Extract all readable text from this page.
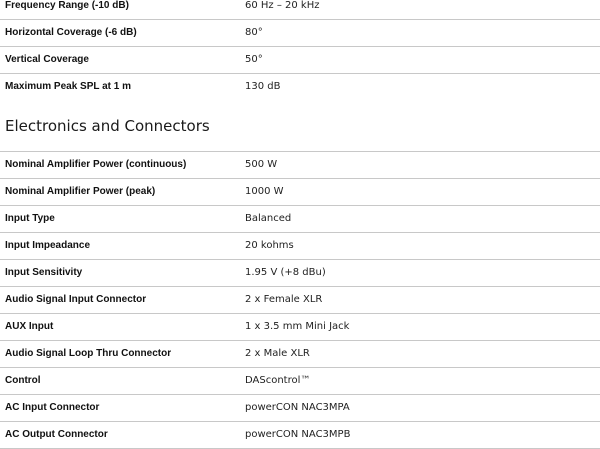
Frequency Range (-10 dB)	60 Hz – 20 kHz
Horizontal Coverage (-6 dB)	80°
Vertical Coverage	50°
Maximum Peak SPL at 1 m	130 dB
Electronics and Connectors
Nominal Amplifier Power (continuous)	500 W
Nominal Amplifier Power (peak)	1000 W
Input Type	Balanced
Input Impeadance	20 kohms
Input Sensitivity	1.95 V (+8 dBu)
Audio Signal Input Connector	2 x Female XLR
AUX Input	1 x 3.5 mm Mini Jack
Audio Signal Loop Thru Connector	2 x Male XLR
Control	DAScontrol™
AC Input Connector	powerCON NAC3MPA
AC Output Connector	powerCON NAC3MPB
